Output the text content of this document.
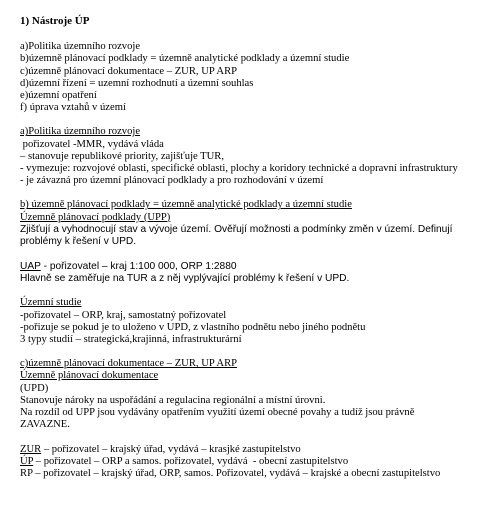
1) Nástroje ÚP
a)Politika územního rozvoje
b)územně plánovací podklady = územně analytické podklady a územní studie
c)územně plánovací dokumentace – ZUR, UP ARP
d)územní řízení = uzemní rozhodnutí a územní souhlas
e)územní opatření
f) úprava vztahů v území
a)Politika územního rozvoje
pořizovatel -MMR, vydává vláda
– stanovuje republikové priority, zajišťuje TUR,
- vymezuje: rozvojové oblasti, specifické oblasti, plochy a koridory technické a dopravní infrastruktury
- je závazná pro územní plánovací podklady a pro rozhodování v území
b) územně plánovací podklady = územně analytické podklady a územní studie
Územně plánovací podklady (UPP)
Zjišťují a vyhodnocují stav a vývoje území. Ověřují možnosti a podmínky změn v území. Definují
problémy k řešení v UPD.
UAP - pořizovatel – kraj 1:100 000, ORP 1:2880
Hlavně se zaměřuje na TUR a z něj vyplývající problémy k řešení v UPD.
Územní studie
-pořizovatel – ORP, kraj, samostatný pořizovatel
-pořizuje se pokud je to uloženo v UPD, z vlastního podnětu nebo jiného podnětu
3 typy studií – strategická,krajinná, infrastrukturární
c)územně plánovací dokumentace – ZUR, UP ARP
Územně plánovací dokumentace
(UPD)
Stanovuje nároky na uspořádání a regulacina regionální a místní úrovni.
Na rozdíl od UPP jsou vydávány opatřením využití území obecné povahy a tudíž jsou právně
ZAVAZNE.
ZUR – pořizovatel – krajský úřad, vydává – krasjké zastupitelstvo
ÚP – pořizovatel – ORP a samos. pořizovatel, vydává  - obecní zastupitelstvo
RP – pořizovatel – krajský úřad, ORP, samos. Pořizovatel, vydává – krajské a obecní zastupitelstvo
